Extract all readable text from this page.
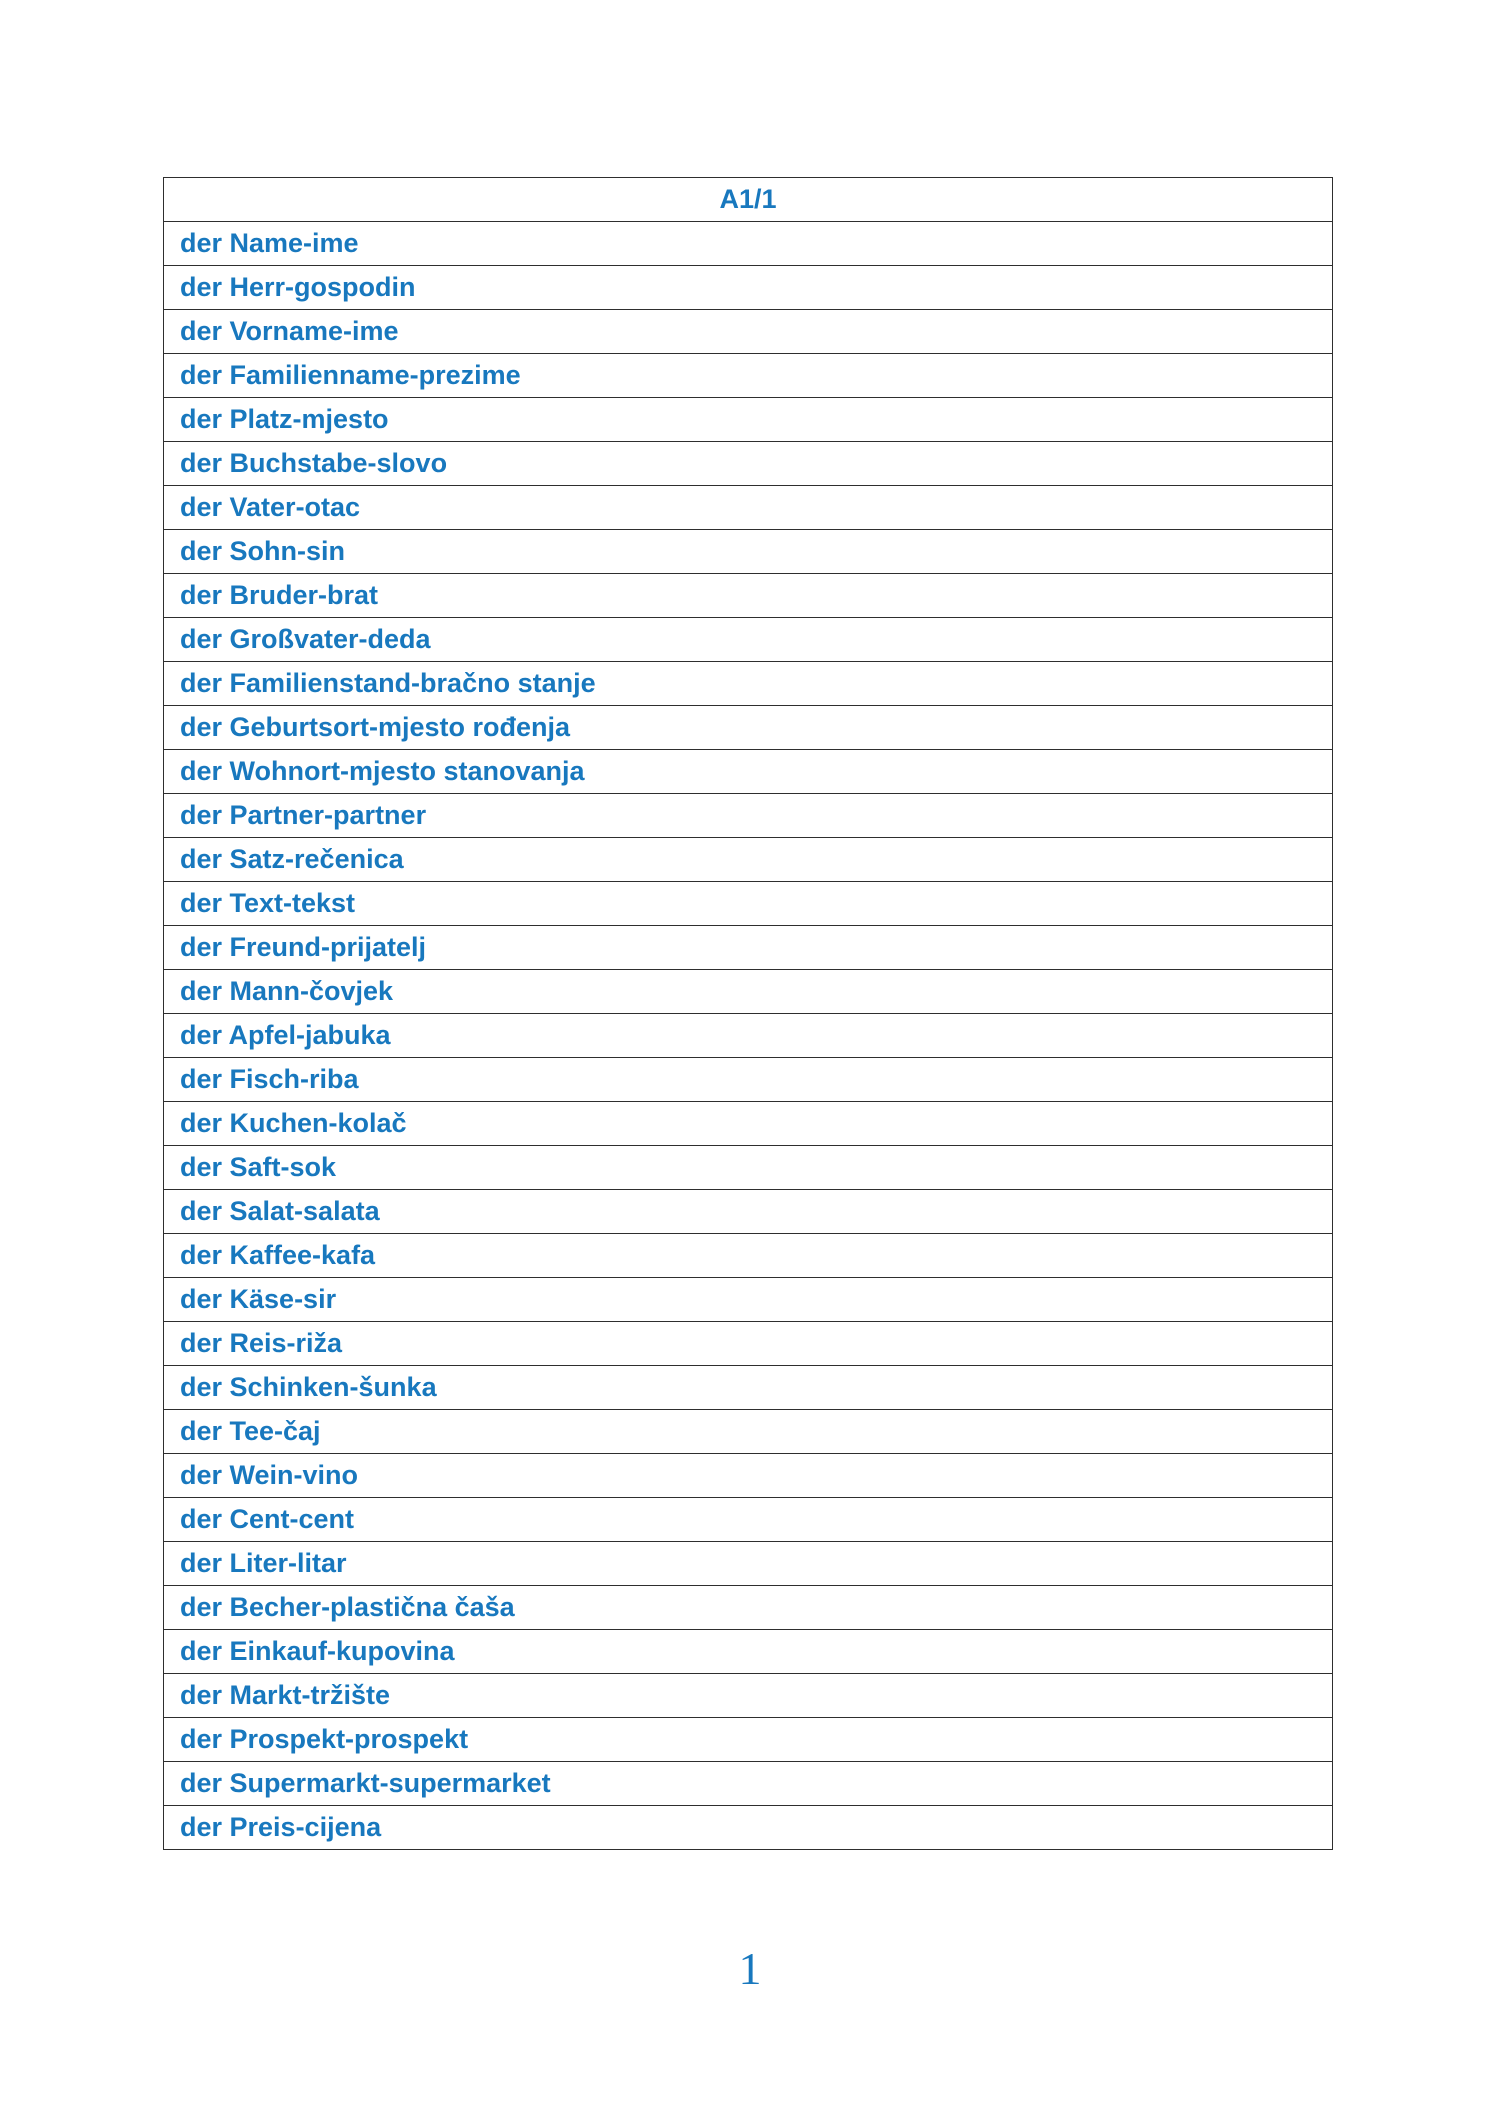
A1/1
der Name-ime
der Herr-gospodin
der Vorname-ime
der Familienname-prezime
der Platz-mjesto
der Buchstabe-slovo
der Vater-otac
der Sohn-sin
der Bruder-brat
der Großvater-deda
der Familienstand-bračno stanje
der Geburtsort-mjesto rođenja
der Wohnort-mjesto stanovanja
der Partner-partner
der Satz-rečenica
der Text-tekst
der Freund-prijatelj
der Mann-čovjek
der Apfel-jabuka
der Fisch-riba
der Kuchen-kolač
der Saft-sok
der Salat-salata
der Kaffee-kafa
der Käse-sir
der Reis-riža
der Schinken-šunka
der Tee-čaj
der Wein-vino
der Cent-cent
der Liter-litar
der Becher-plastična čaša
der Einkauf-kupovina
der Markt-tržište
der Prospekt-prospekt
der Supermarkt-supermarket
der Preis-cijena
1
